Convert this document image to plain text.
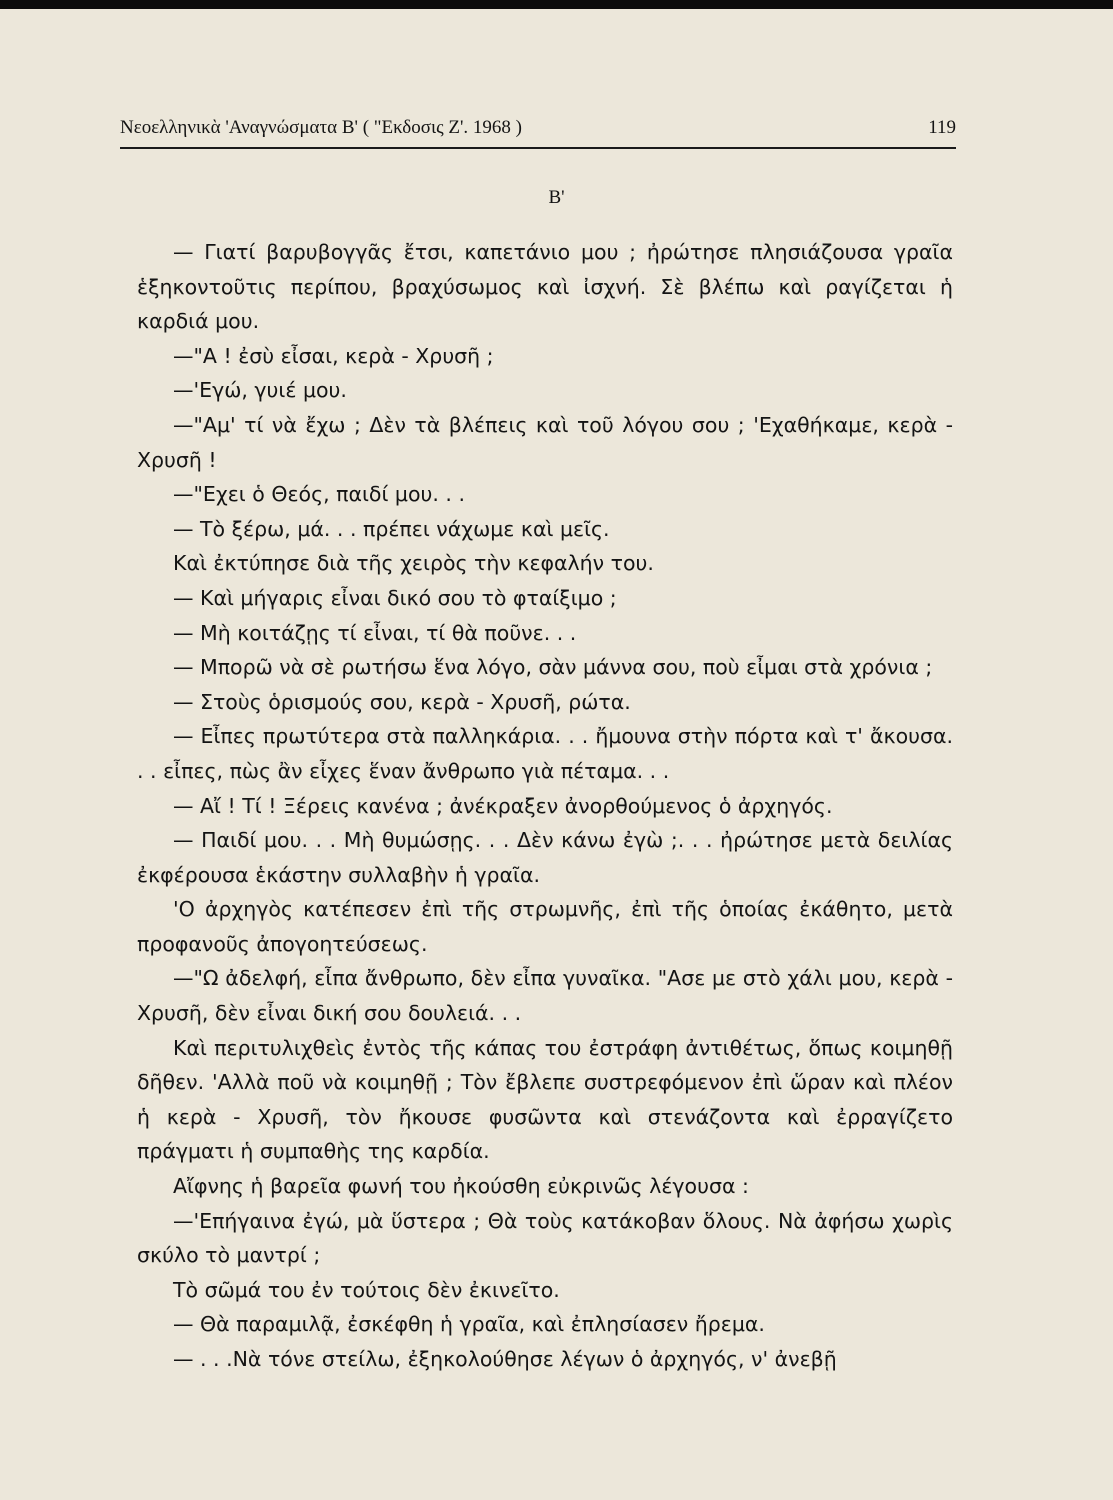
Νεοελληνικὰ 'Αναγνώσματα Β' ( "Εκδοσις Ζ'. 1968 )	119
Β'

— Γιατί βαρυβογγᾶς ἔτσι, καπετάνιο μου ; ἠρώτησε πλησιάζουσα γραῖα ἑξηκοντοῦτις περίπου, βραχύσωμος καὶ ἰσχνή. Σὲ βλέπω καὶ ραγίζεται ἡ καρδιά μου.

—"Α ! ἐσὺ εἶσαι, κερὰ - Χρυσῆ ;

—'Εγώ, γυιέ μου.

—"Αμ' τί νὰ ἔχω ; Δὲν τὰ βλέπεις καὶ τοῦ λόγου σου ; 'Εχαθήκαμε, κερὰ - Χρυσῆ !

—"Εχει ὁ Θεός, παιδί μου. . .

— Τὸ ξέρω, μά. . . πρέπει νάχωμε καὶ μεῖς.

Καὶ ἐκτύπησε διὰ τῆς χειρὸς τὴν κεφαλήν του.

— Καὶ μήγαρις εἶναι δικό σου τὸ φταίξιμο ;

— Μὴ κοιτάζῃς τί εἶναι, τί θὰ ποῦνε. . .

— Μπορῶ νὰ σὲ ρωτήσω ἕνα λόγο, σὰν μάννα σου, ποὺ εἶμαι στὰ χρόνια ;

— Στοὺς ὁρισμούς σου, κερὰ - Χρυσῆ, ρώτα.

— Εἶπες πρωτύτερα στὰ παλληκάρια. . . ἤμουνα στὴν πόρτα καὶ τ' ἄκουσα. . . εἶπες, πὼς ἂν εἶχες ἕναν ἄνθρωπο γιὰ πέταμα. . .

— Αἴ ! Τί ! Ξέρεις κανένα ; ἀνέκραξεν ἀνορθούμενος ὁ ἀρχηγός.

— Παιδί μου. . . Μὴ θυμώσῃς. . . Δὲν κάνω ἐγὼ ;. . . ἠρώτησε μετὰ δειλίας ἐκφέρουσα ἑκάστην συλλαβὴν ἡ γραῖα.

'Ο ἀρχηγὸς κατέπεσεν ἐπὶ τῆς στρωμνῆς, ἐπὶ τῆς ὁποίας ἐκάθητο, μετὰ προφανοῦς ἀπογοητεύσεως.

—"Ω ἀδελφή, εἶπα ἄνθρωπο, δὲν εἶπα γυναῖκα. "Ασε με στὸ χάλι μου, κερὰ - Χρυσῆ, δὲν εἶναι δική σου δουλειά. . .

Καὶ περιτυλιχθεὶς ἐντὸς τῆς κάπας του ἐστράφη ἀντιθέτως, ὅπως κοιμηθῇ δῆθεν. 'Αλλὰ ποῦ νὰ κοιμηθῇ ; Τὸν ἔβλεπε συστρεφόμενον ἐπὶ ὥραν καὶ πλέον ἡ κερὰ - Χρυσῆ, τὸν ἤκουσε φυσῶντα καὶ στενάζοντα καὶ ἐρραγίζετο πράγματι ἡ συμπαθὴς της καρδία.

Αἴφνης ἡ βαρεῖα φωνή του ἠκούσθη εὐκρινῶς λέγουσα :

—'Επήγαινα ἐγώ, μὰ ὕστερα ; Θὰ τοὺς κατάκοβαν ὅλους. Νὰ ἀφήσω χωρὶς σκύλο τὸ μαντρί ;

Τὸ σῶμά του ἐν τούτοις δὲν ἐκινεῖτο.

— Θὰ παραμιλᾷ, ἐσκέφθη ἡ γραῖα, καὶ ἐπλησίασεν ἤρεμα.

— . . .Νὰ τόνε στείλω, ἐξηκολούθησε λέγων ὁ ἀρχηγός, ν' ἀνεβῇ
